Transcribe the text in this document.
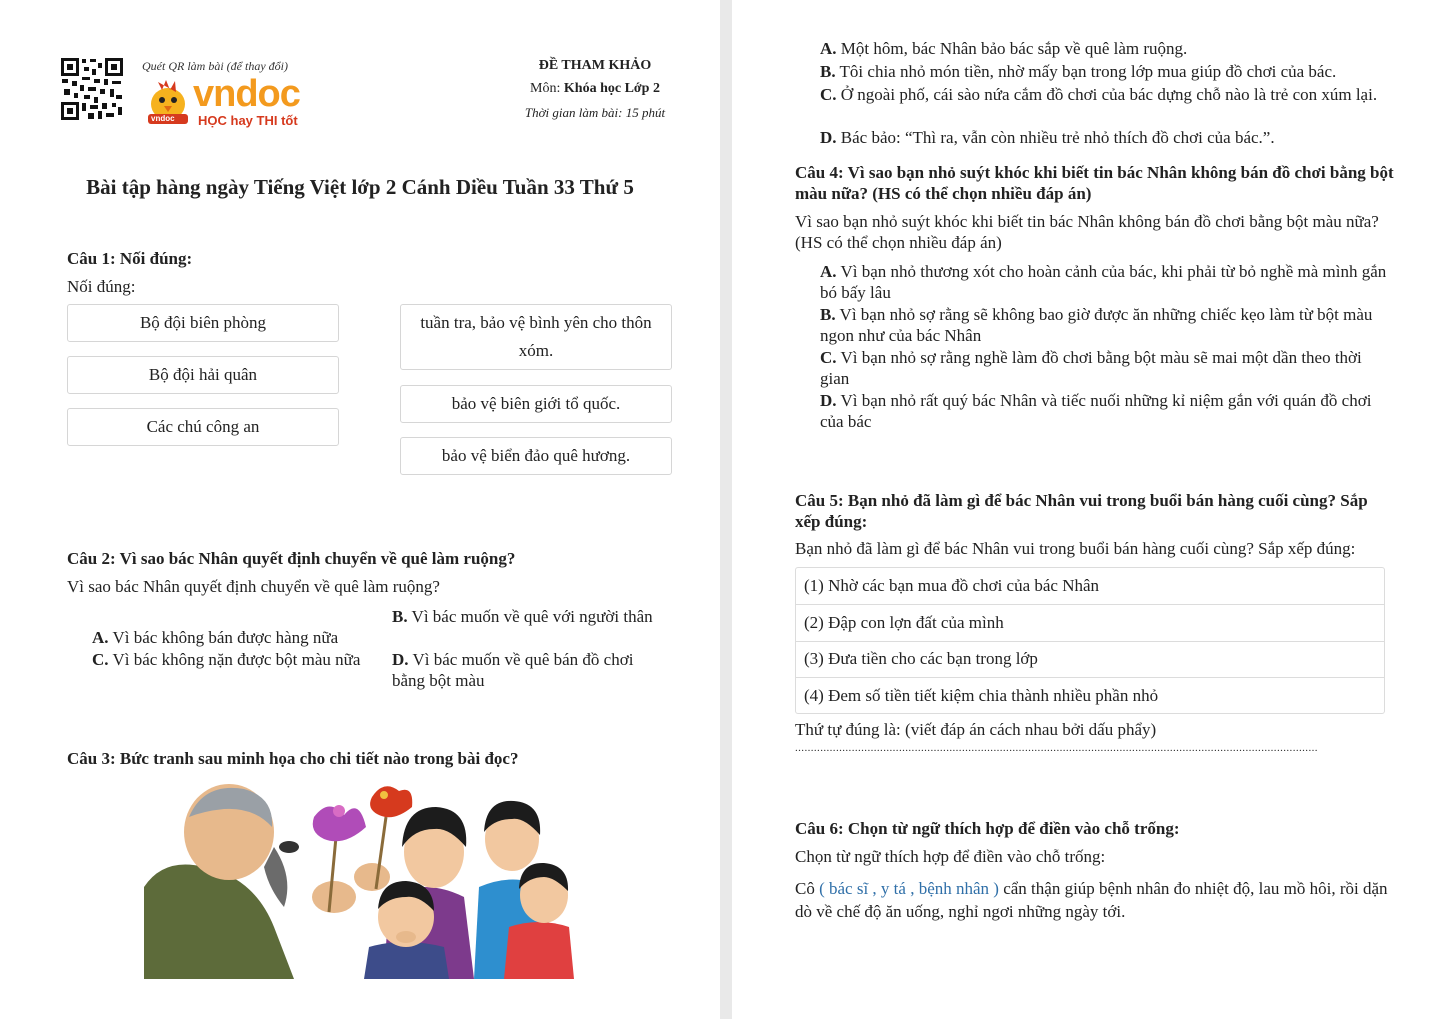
Quét QR làm bài (để thay đổi)
vndoc
vndoc
HỌC hay THI tốt
ĐỀ THAM KHẢO
Môn: Khóa học Lớp 2
Thời gian làm bài: 15 phút
Bài tập hàng ngày Tiếng Việt lớp 2 Cánh Diều Tuần 33 Thứ 5
Câu 1: Nối đúng:
Nối đúng:
Bộ đội biên phòng
Bộ đội hải quân
Các chú công an
tuần tra, bảo vệ bình yên cho thôn xóm.
bảo vệ biên giới tổ quốc.
bảo vệ biển đảo quê hương.
Câu 2: Vì sao bác Nhân quyết định chuyển về quê làm ruộng?
Vì sao bác Nhân quyết định chuyển về quê làm ruộng?
A. Vì bác không bán được hàng nữa
B. Vì bác muốn về quê với người thân
C. Vì bác không nặn được bột màu nữa	D. Vì bác muốn về quê bán đồ chơi bằng bột màu
Câu 3: Bức tranh sau minh họa cho chi tiết nào trong bài đọc?
A. Một hôm, bác Nhân bảo bác sắp về quê làm ruộng.
B. Tôi chia nhỏ món tiền, nhờ mấy bạn trong lớp mua giúp đồ chơi của bác.
C. Ở ngoài phố, cái sào nứa cắm đồ chơi của bác dựng chỗ nào là trẻ con xúm lại.
D. Bác bảo: “Thì ra, vẫn còn nhiều trẻ nhỏ thích đồ chơi của bác.”.
Câu 4: Vì sao bạn nhỏ suýt khóc khi biết tin bác Nhân không bán đồ chơi bằng bột màu nữa? (HS có thể chọn nhiều đáp án)
Vì sao bạn nhỏ suýt khóc khi biết tin bác Nhân không bán đồ chơi bằng bột màu nữa? (HS có thể chọn nhiều đáp án)
A. Vì bạn nhỏ thương xót cho hoàn cảnh của bác, khi phải từ bỏ nghề mà mình gắn bó bấy lâu
B. Vì bạn nhỏ sợ rằng sẽ không bao giờ được ăn những chiếc kẹo làm từ bột màu ngon như của bác Nhân
C. Vì bạn nhỏ sợ rằng nghề làm đồ chơi bằng bột màu sẽ mai một dần theo thời gian
D. Vì bạn nhỏ rất quý bác Nhân và tiếc nuối những kỉ niệm gắn với quán đồ chơi của bác
Câu 5: Bạn nhỏ đã làm gì để bác Nhân vui trong buổi bán hàng cuối cùng? Sắp xếp đúng:
Bạn nhỏ đã làm gì để bác Nhân vui trong buổi bán hàng cuối cùng? Sắp xếp đúng:
(1) Nhờ các bạn mua đồ chơi của bác Nhân
(2) Đập con lợn đất của mình
(3) Đưa tiền cho các bạn trong lớp
(4) Đem số tiền tiết kiệm chia thành nhiều phần nhỏ
Thứ tự đúng là: (viết đáp án cách nhau bởi dấu phẩy)
......................................................................................................................................................................
Câu 6: Chọn từ ngữ thích hợp để điền vào chỗ trống:
Chọn từ ngữ thích hợp để điền vào chỗ trống:
Cô ( bác sĩ , y tá , bệnh nhân ) cẩn thận giúp bệnh nhân đo nhiệt độ, lau mồ hôi, rồi dặn dò về chế độ ăn uống, nghỉ ngơi những ngày tới.
